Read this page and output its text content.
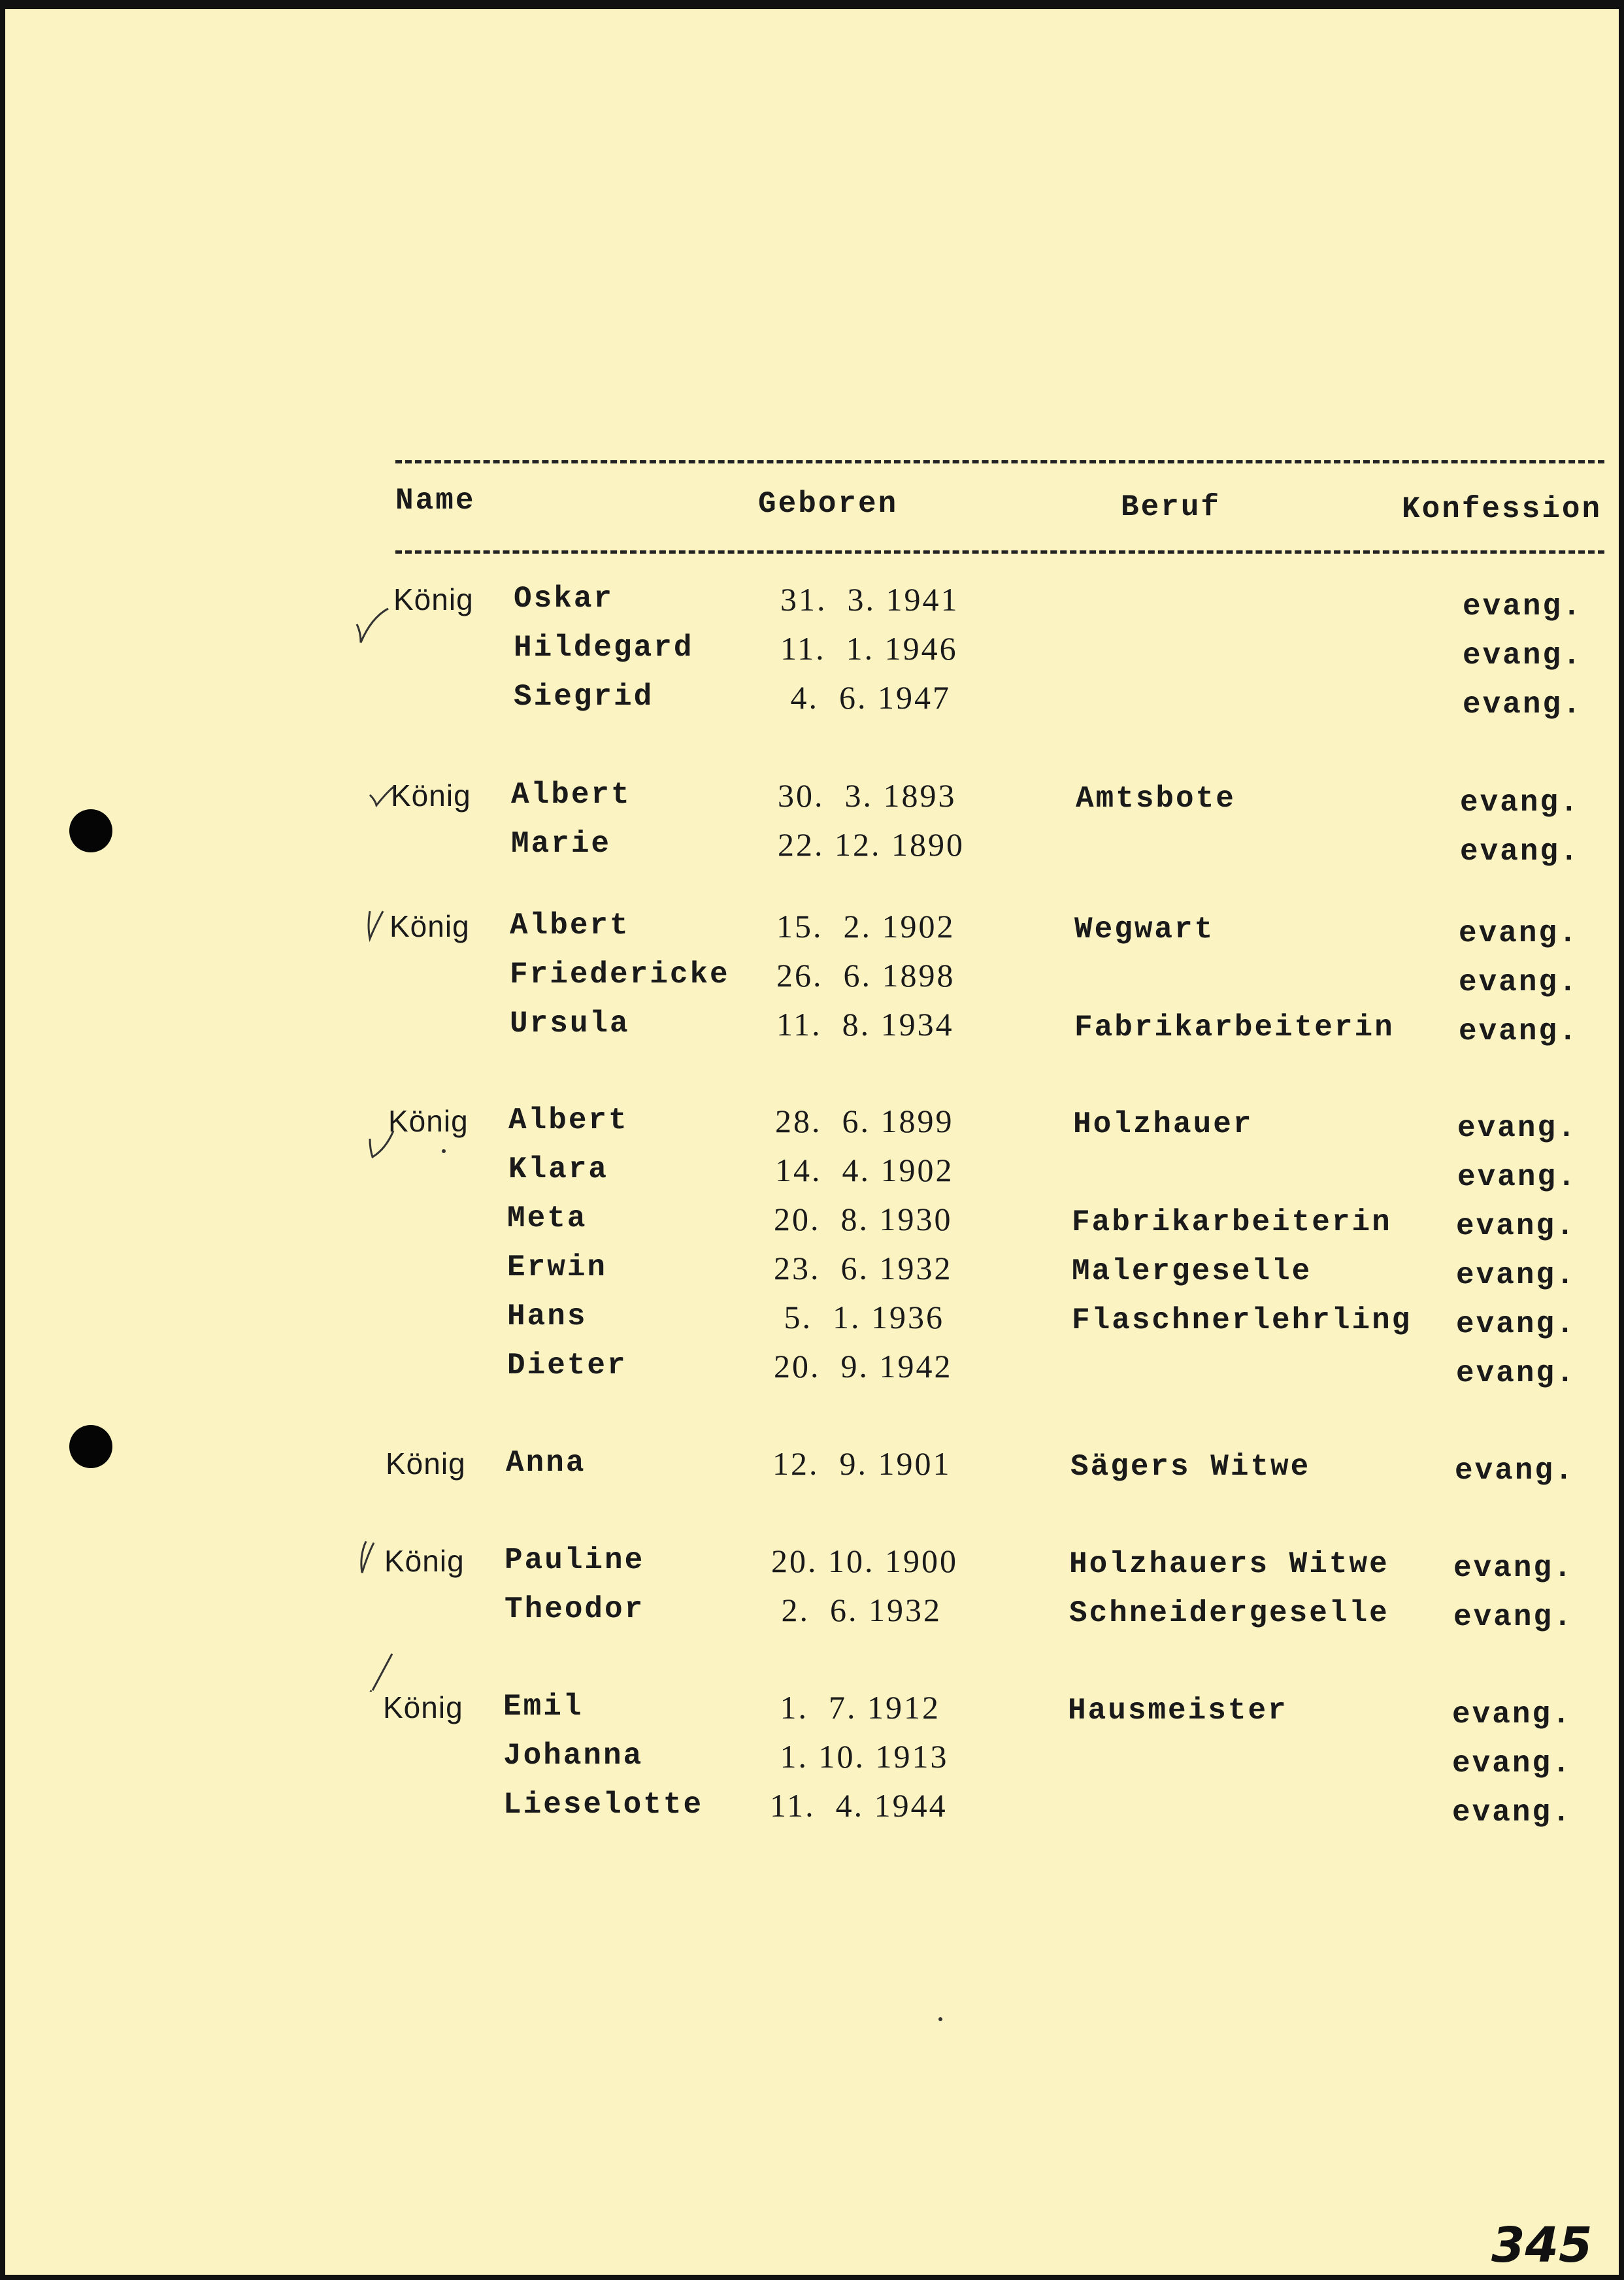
Name	Geboren	Beruf	Konfession
König Oskar	31.  3. 1941	evang.
Hildegard	11.  1. 1946	evang.
Siegrid	4.  6. 1947	evang.
König Albert	30.  3. 1893	Amtsbote	evang.
Marie	22. 12. 1890	evang.
König Albert	15.  2. 1902	Wegwart	evang.
Friedericke 26.  6. 1898	evang.
Ursula	11.  8. 1934	Fabrikarbeiterin evang.
König Albert	28.  6. 1899	Holzhauer	evang.
Klara	14.  4. 1902	evang.
Meta	20.  8. 1930	Fabrikarbeiterin evang.
Erwin	23.  6. 1932	Malergeselle	evang.
Hans	5.  1. 1936	Flaschnerlehrling evang.
Dieter	20.  9. 1942	evang.
König Anna	12.  9. 1901	Sägers Witwe	evang.
König Pauline	20. 10. 1900	Holzhauers Witwe evang.
Theodor	2.  6. 1932	Schneidergeselle evang.
König Emil	1.  7. 1912	Hausmeister	evang.
Johanna	1. 10. 1913	evang.
Lieselotte 11.  4. 1944	evang.
345
